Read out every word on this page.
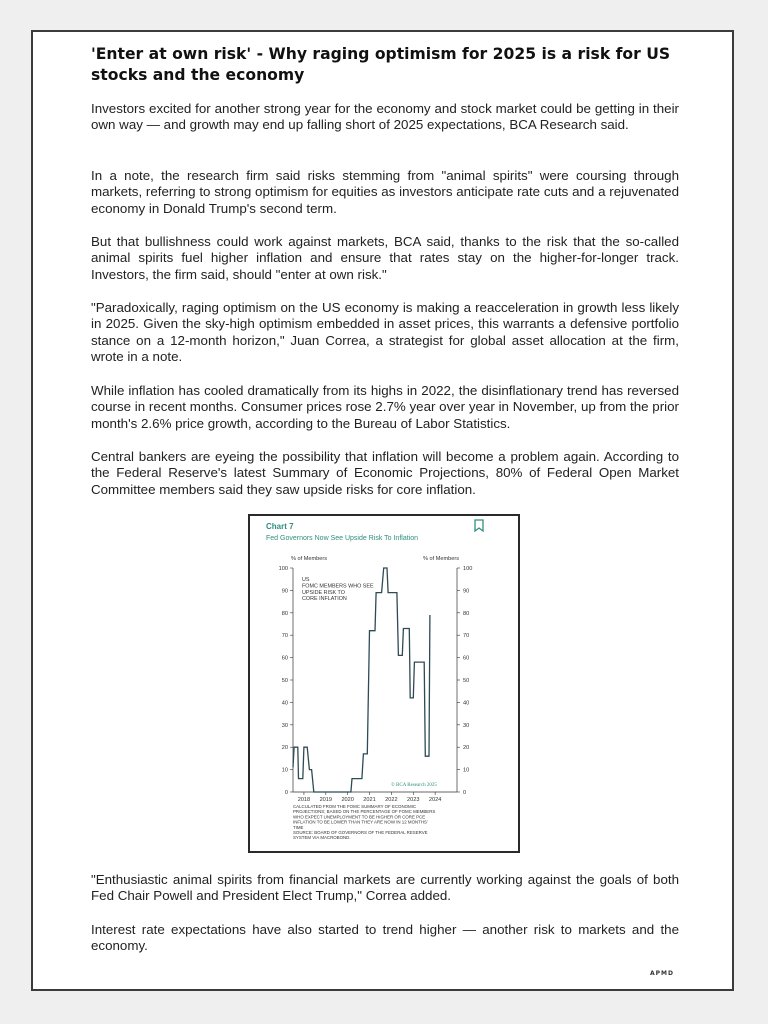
'Enter at own risk' - Why raging optimism for 2025 is a risk for US stocks and the economy

Investors excited for another strong year for the economy and stock market could be getting in their own way — and growth may end up falling short of 2025 expectations, BCA Research said.

In a note, the research firm said risks stemming from "animal spirits" were coursing through markets, referring to strong optimism for equities as investors anticipate rate cuts and a rejuvenated economy in Donald Trump's second term.

But that bullishness could work against markets, BCA said, thanks to the risk that the so-called animal spirits fuel higher inflation and ensure that rates stay on the higher-for-longer track. Investors, the firm said, should "enter at own risk."

"Paradoxically, raging optimism on the US economy is making a reacceleration in growth less likely in 2025. Given the sky-high optimism embedded in asset prices, this warrants a defensive portfolio stance on a 12-month horizon," Juan Correa, a strategist for global asset allocation at the firm, wrote in a note.

While inflation has cooled dramatically from its highs in 2022, the disinflationary trend has reversed course in recent months. Consumer prices rose 2.7% year over year in November, up from the prior month's 2.6% price growth, according to the Bureau of Labor Statistics.

Central bankers are eyeing the possibility that inflation will become a problem again. According to the Federal Reserve's latest Summary of Economic Projections, 80% of Federal Open Market Committee members said they saw upside risks for core inflation.

Chart 7
Fed Governors Now See Upside Risk To Inflation
% of Members	% of Members
US
FOMC MEMBERS WHO SEE
UPSIDE RISK TO
CORE INFLATION
0	0
10	10
20	20
30	30
40	40
50	50
60	60
70	70
80	80
90	90
100	100
2018 2019 2020 2021 2022 2023 2024
© BCA Research 2025
CALCULATED FROM THE FOMC SUMMARY OF ECONOMIC
PROJECTIONS; BASED ON THE PERCENTAGE OF FOMC MEMBERS
WHO EXPECT UNEMPLOYMENT TO BE HIGHER OR CORE PCE
INFLATION TO BE LOWER THAN THEY ARE NOW IN 12 MONTHS'
TIME
SOURCE: BOARD OF GOVERNORS OF THE FEDERAL RESERVE
SYSTEM VIA MACROBOND.

"Enthusiastic animal spirits from financial markets are currently working against the goals of both Fed Chair Powell and President Elect Trump," Correa added.

Interest rate expectations have also started to trend higher — another risk to markets and the economy.

APMD
